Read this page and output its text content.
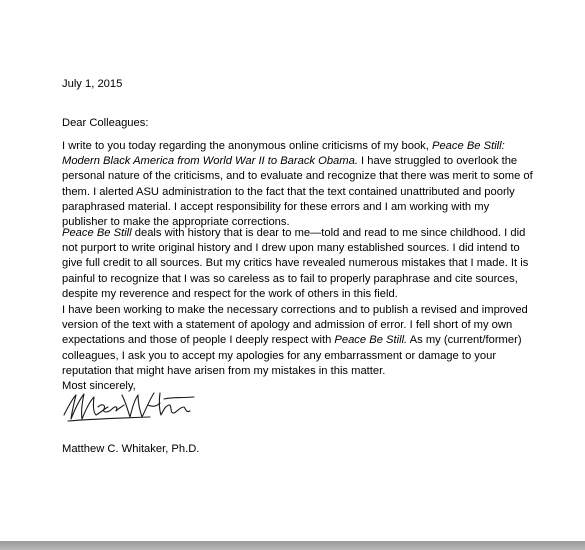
July 1, 2015
Dear Colleagues:
I write to you today regarding the anonymous online criticisms of my book, Peace Be Still:
Modern Black America from World War II to Barack Obama. I have struggled to overlook the
personal nature of the criticisms, and to evaluate and recognize that there was merit to some of
them. I alerted ASU administration to the fact that the text contained unattributed and poorly
paraphrased material. I accept responsibility for these errors and I am working with my
publisher to make the appropriate corrections.
Peace Be Still deals with history that is dear to me—told and read to me since childhood. I did
not purport to write original history and I drew upon many established sources. I did intend to
give full credit to all sources. But my critics have revealed numerous mistakes that I made. It is
painful to recognize that I was so careless as to fail to properly paraphrase and cite sources,
despite my reverence and respect for the work of others in this field.
I have been working to make the necessary corrections and to publish a revised and improved
version of the text with a statement of apology and admission of error. I fell short of my own
expectations and those of people I deeply respect with Peace Be Still. As my (current/former)
colleagues, I ask you to accept my apologies for any embarrassment or damage to your
reputation that might have arisen from my mistakes in this matter.
Most sincerely,
Matthew C. Whitaker, Ph.D.
